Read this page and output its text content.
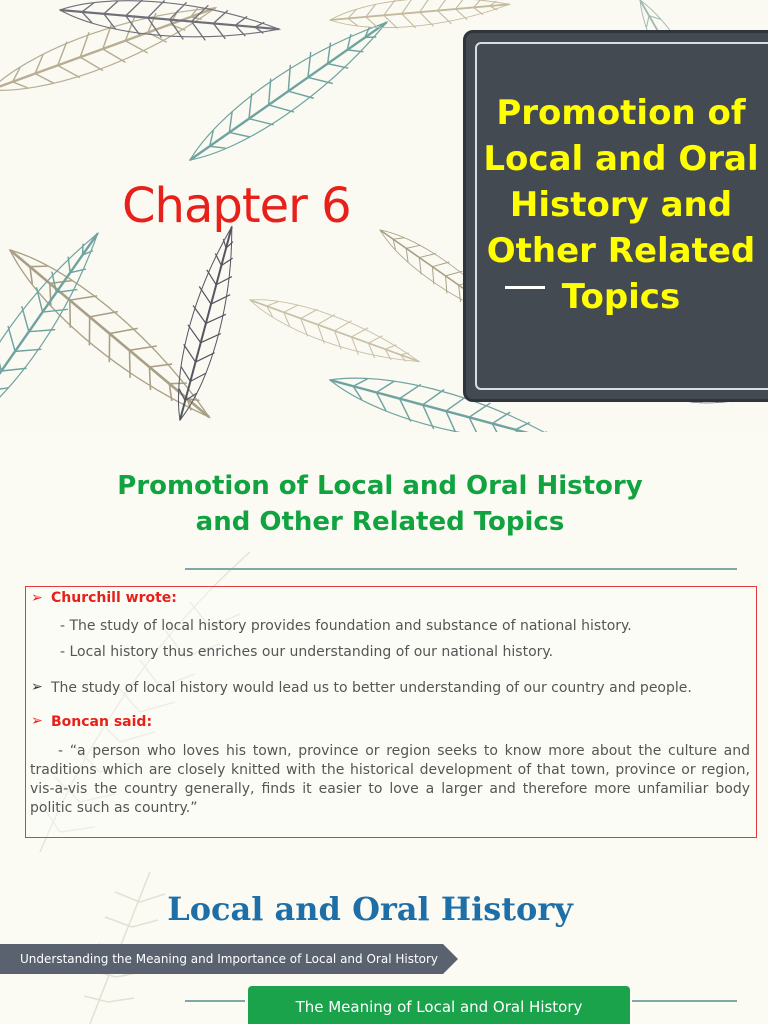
Chapter 6
Promotion of Local and Oral History and Other Related Topics
Promotion of Local and Oral History
and Other Related Topics
➢ Churchill wrote:
- The study of local history provides foundation and substance of national history.
- Local history thus enriches our understanding of our national history.
➢ The study of local history would lead us to better understanding of our country and people.
➢ Boncan said:
- “a person who loves his town, province or region seeks to know more about the culture and traditions which are closely knitted with the historical development of that town, province or region, vis-a-vis the country generally, finds it easier to love a larger and therefore more unfamiliar body politic such as country.”
Local and Oral History
Understanding the Meaning and Importance of Local and Oral History
The Meaning of Local and Oral History
